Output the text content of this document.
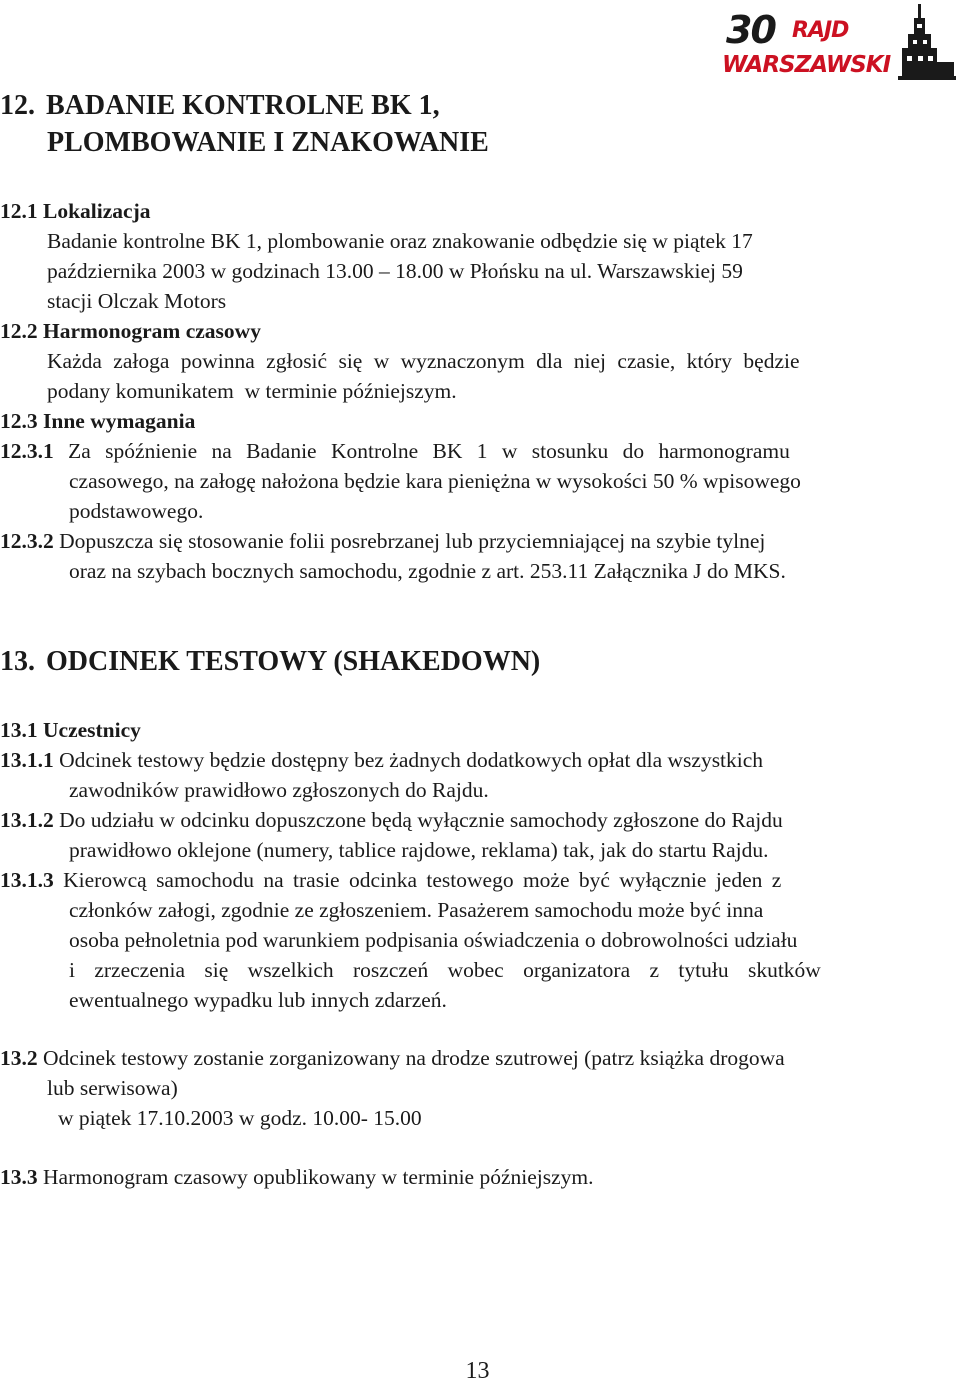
30 RAJD
WARSZAWSKI
12. BADANIE KONTROLNE BK 1,
PLOMBOWANIE I ZNAKOWANIE
12.1 Lokalizacja
Badanie kontrolne BK 1, plombowanie oraz znakowanie odbędzie się w piątek 17
października 2003 w godzinach 13.00 – 18.00 w Płońsku na ul. Warszawskiej 59
stacji Olczak Motors
12.2 Harmonogram czasowy
Każda załoga powinna zgłosić się w wyznaczonym dla niej czasie, który będzie
podany komunikatem  w terminie późniejszym.
12.3 Inne wymagania
12.3.1 Za spóźnienie na Badanie Kontrolne BK 1 w stosunku do harmonogramu
czasowego, na załogę nałożona będzie kara pieniężna w wysokości 50 % wpisowego
podstawowego.
12.3.2 Dopuszcza się stosowanie folii posrebrzanej lub przyciemniającej na szybie tylnej
oraz na szybach bocznych samochodu, zgodnie z art. 253.11 Załącznika J do MKS.
13. ODCINEK TESTOWY (SHAKEDOWN)
13.1 Uczestnicy
13.1.1 Odcinek testowy będzie dostępny bez żadnych dodatkowych opłat dla wszystkich
zawodników prawidłowo zgłoszonych do Rajdu.
13.1.2 Do udziału w odcinku dopuszczone będą wyłącznie samochody zgłoszone do Rajdu
prawidłowo oklejone (numery, tablice rajdowe, reklama) tak, jak do startu Rajdu.
13.1.3 Kierowcą samochodu na trasie odcinka testowego może być wyłącznie jeden z
członków załogi, zgodnie ze zgłoszeniem. Pasażerem samochodu może być inna
osoba pełnoletnia pod warunkiem podpisania oświadczenia o dobrowolności udziału
i zrzeczenia się wszelkich roszczeń wobec organizatora z tytułu skutków
ewentualnego wypadku lub innych zdarzeń.
13.2 Odcinek testowy zostanie zorganizowany na drodze szutrowej (patrz książka drogowa
lub serwisowa)
w piątek 17.10.2003 w godz. 10.00- 15.00
13.3 Harmonogram czasowy opublikowany w terminie późniejszym.
13
